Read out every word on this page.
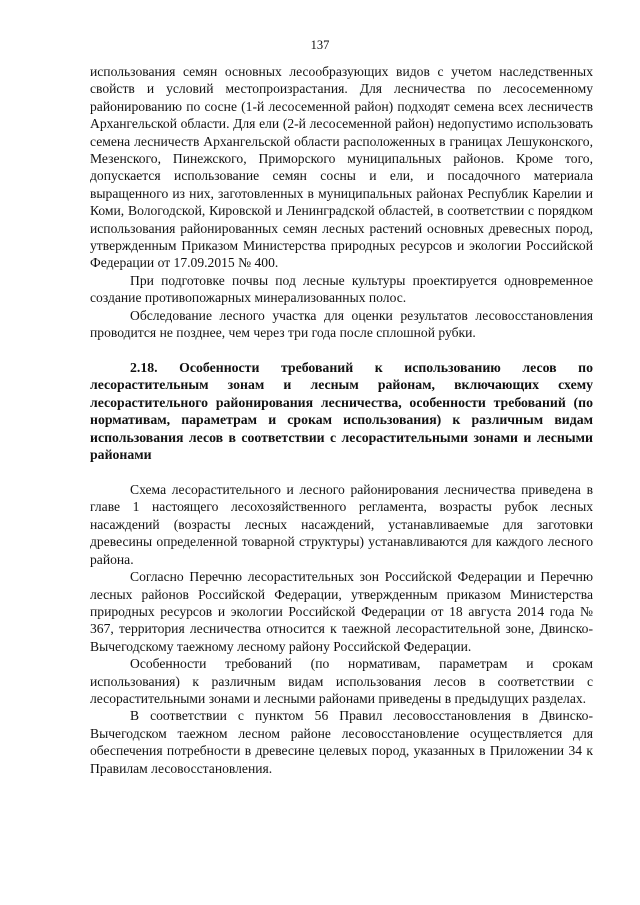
137

использования семян основных лесообразующих видов с учетом наследственных свойств и условий местопроизрастания. Для лесничества по лесосеменному районированию по сосне (1-й лесосеменной район) подходят семена всех лесничеств Архангельской области. Для ели (2-й лесосеменной район) недопустимо использовать семена лесничеств Архангельской области расположенных в границах Лешуконского, Мезенского, Пинежского, Приморского муниципальных районов. Кроме того, допускается использование семян сосны и ели, и посадочного материала выращенного из них, заготовленных в муниципальных районах Республик Карелии и Коми, Вологодской, Кировской и Ленинградской областей, в соответствии с порядком использования районированных семян лесных растений основных древесных пород, утвержденным Приказом Министерства природных ресурсов и экологии Российской Федерации от 17.09.2015 № 400.

При подготовке почвы под лесные культуры проектируется одновременное создание противопожарных минерализованных полос.

Обследование лесного участка для оценки результатов лесовосстановления проводится не позднее, чем через три года после сплошной рубки.

2.18. Особенности требований к использованию лесов по лесорастительным зонам и лесным районам, включающих схему лесорастительного районирования лесничества, особенности требований (по нормативам, параметрам и срокам использования) к различным видам использования лесов в соответствии с лесорастительными зонами и лесными районами

Схема лесорастительного и лесного районирования лесничества приведена в главе 1 настоящего лесохозяйственного регламента, возрасты рубок лесных насаждений (возрасты лесных насаждений, устанавливаемые для заготовки древесины определенной товарной структуры) устанавливаются для каждого лесного района.

Согласно Перечню лесорастительных зон Российской Федерации и Перечню лесных районов Российской Федерации, утвержденным приказом Министерства природных ресурсов и экологии Российской Федерации от 18 августа 2014 года № 367, территория лесничества относится к таежной лесорастительной зоне, Двинско-Вычегодскому таежному лесному району Российской Федерации.

Особенности требований (по нормативам, параметрам и срокам использования) к различным видам использования лесов в соответствии с лесорастительными зонами и лесными районами приведены в предыдущих разделах.

В соответствии с пунктом 56 Правил лесовосстановления в Двинско-Вычегодском таежном лесном районе лесовосстановление осуществляется для обеспечения потребности в древесине целевых пород, указанных в Приложении 34 к Правилам лесовосстановления.
